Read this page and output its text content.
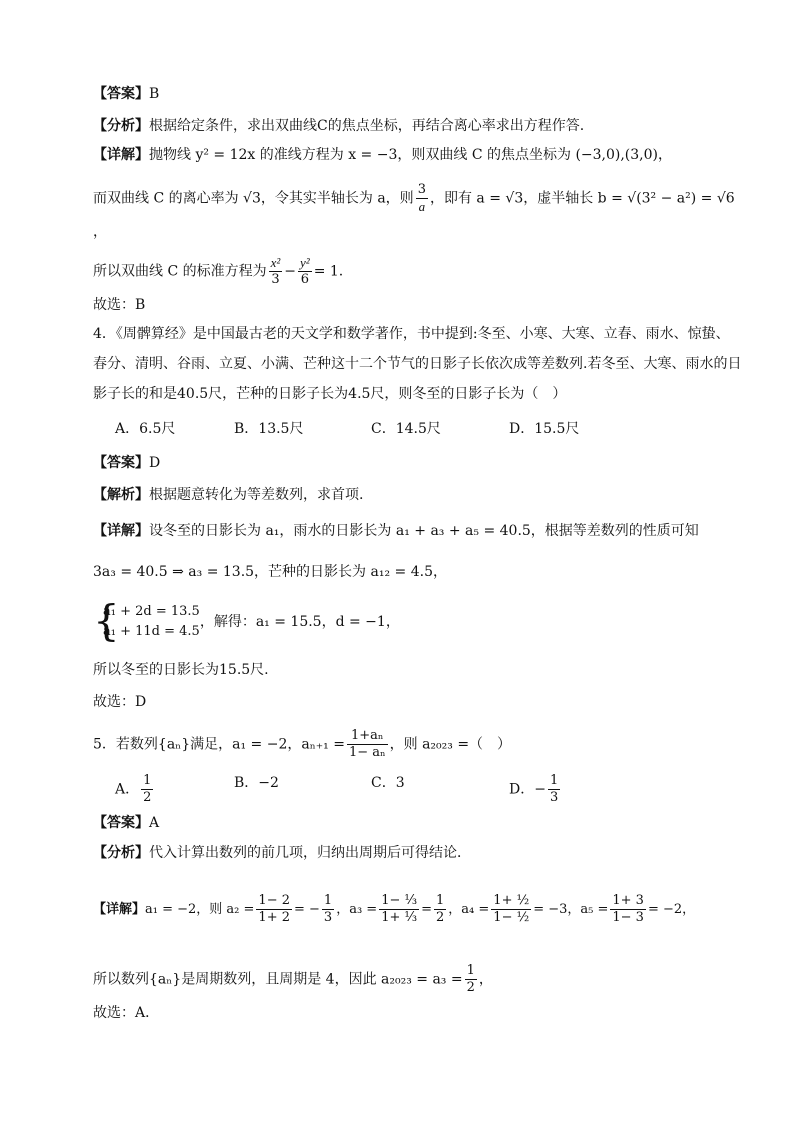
【答案】B
【分析】根据给定条件，求出双曲线C的焦点坐标，再结合离心率求出方程作答.
【详解】抛物线 y² = 12x 的准线方程为 x = −3，则双曲线 C 的焦点坐标为 (−3,0),(3,0)，
而双曲线 C 的离心率为 √3，令其实半轴长为 a，则 $\frac{3}{a}$ ，即有 a = √3，虚半轴长 b = √(3² − a²) = √6
，
所以双曲线 C 的标准方程为 $\frac{\text{x²}}{3} - \frac{\text{y²}}{6} = 1$.
故选：B
4．《周髀算经》是中国最古老的天文学和数学著作，书中提到:冬至、小寒、大寒、立春、雨水、惊蛰、
春分、清明、谷雨、立夏、小满、芒种这十二个节气的日影子长依次成等差数列.若冬至、大寒、雨水的日
影子长的和是40.5尺，芒种的日影子长为4.5尺，则冬至的日影子长为（　）
A．6.5尺	B．13.5尺	C．14.5尺	D．15.5尺
【答案】D
【解析】根据题意转化为等差数列，求首项.
【详解】设冬至的日影长为 a₁，雨水的日影长为 a₁ + a₃ + a₅ = 40.5，根据等差数列的性质可知
3a₃ = 40.5 ⇒ a₃ = 13.5，芒种的日影长为 a₁₂ = 4.5，
{
a₁ + 2d = 13.5
a₁ + 11d = 4.5
，解得：a₁ = 15.5，d = −1，
所以冬至的日影长为15.5尺.
故选：D
5．若数列{aₙ}满足，a₁ = −2，$a_{n+1} = \frac{\text{1+aₙ}}{\text{1− aₙ}}$ ，则 a₂₀₂₃ =（　）
A． $\frac{1}{2}$	B．−2	C．3	D．− $\frac{1}{3}$
【答案】A
【分析】代入计算出数列的前几项，归纳出周期后可得结论．
【详解】a₁ = −2，则 $a_2 = \frac{1- 2}{1+ 2}$ = − $\frac{1}{3}$ ，$a_3 = \frac{\text{1− ⅓}}{\text{1+ ⅓}} = \frac{1}{2}$ ，$a_4 = \frac{\text{1+ ½}}{\text{1− ½}} = -3$，$a_5 = \frac{1+ 3}{1- 3} = -2$，
所以数列{aₙ}是周期数列，且周期是 4，因此 $a_{2023} = a_3 = \frac{1}{2}$ ，
故选：A．
